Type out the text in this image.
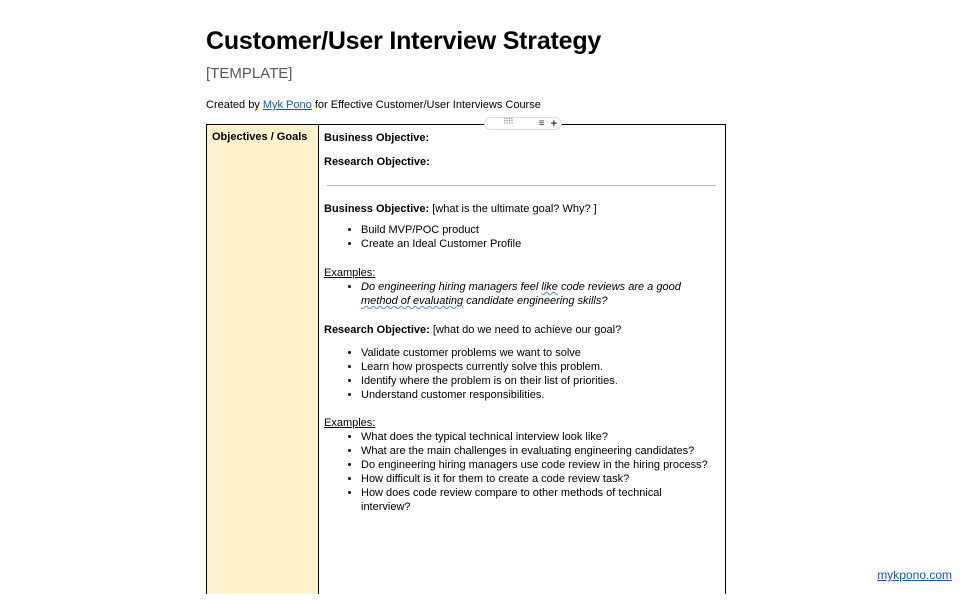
Customer/User Interview Strategy
[TEMPLATE]
Created by Myk Pono for Effective Customer/User Interviews Course
⠿⠿	≡ +
Objectives / Goals	Business Objective:
Research Objective:
Business Objective: [what is the ultimate goal? Why? ]
• Build MVP/POC product
• Create an Ideal Customer Profile
Examples:
• Do engineering hiring managers feel like code reviews are a good method of evaluating candidate engineering skills?
Research Objective: [what do we need to achieve our goal?
• Validate customer problems we want to solve
• Learn how prospects currently solve this problem.
• Identify where the problem is on their list of priorities.
• Understand customer responsibilities.
Examples:
• What does the typical technical interview look like?
• What are the main challenges in evaluating engineering candidates?
• Do engineering hiring managers use code review in the hiring process?
• How difficult is it for them to create a code review task?
• How does code review compare to other methods of technical interview?
mykpono.com
